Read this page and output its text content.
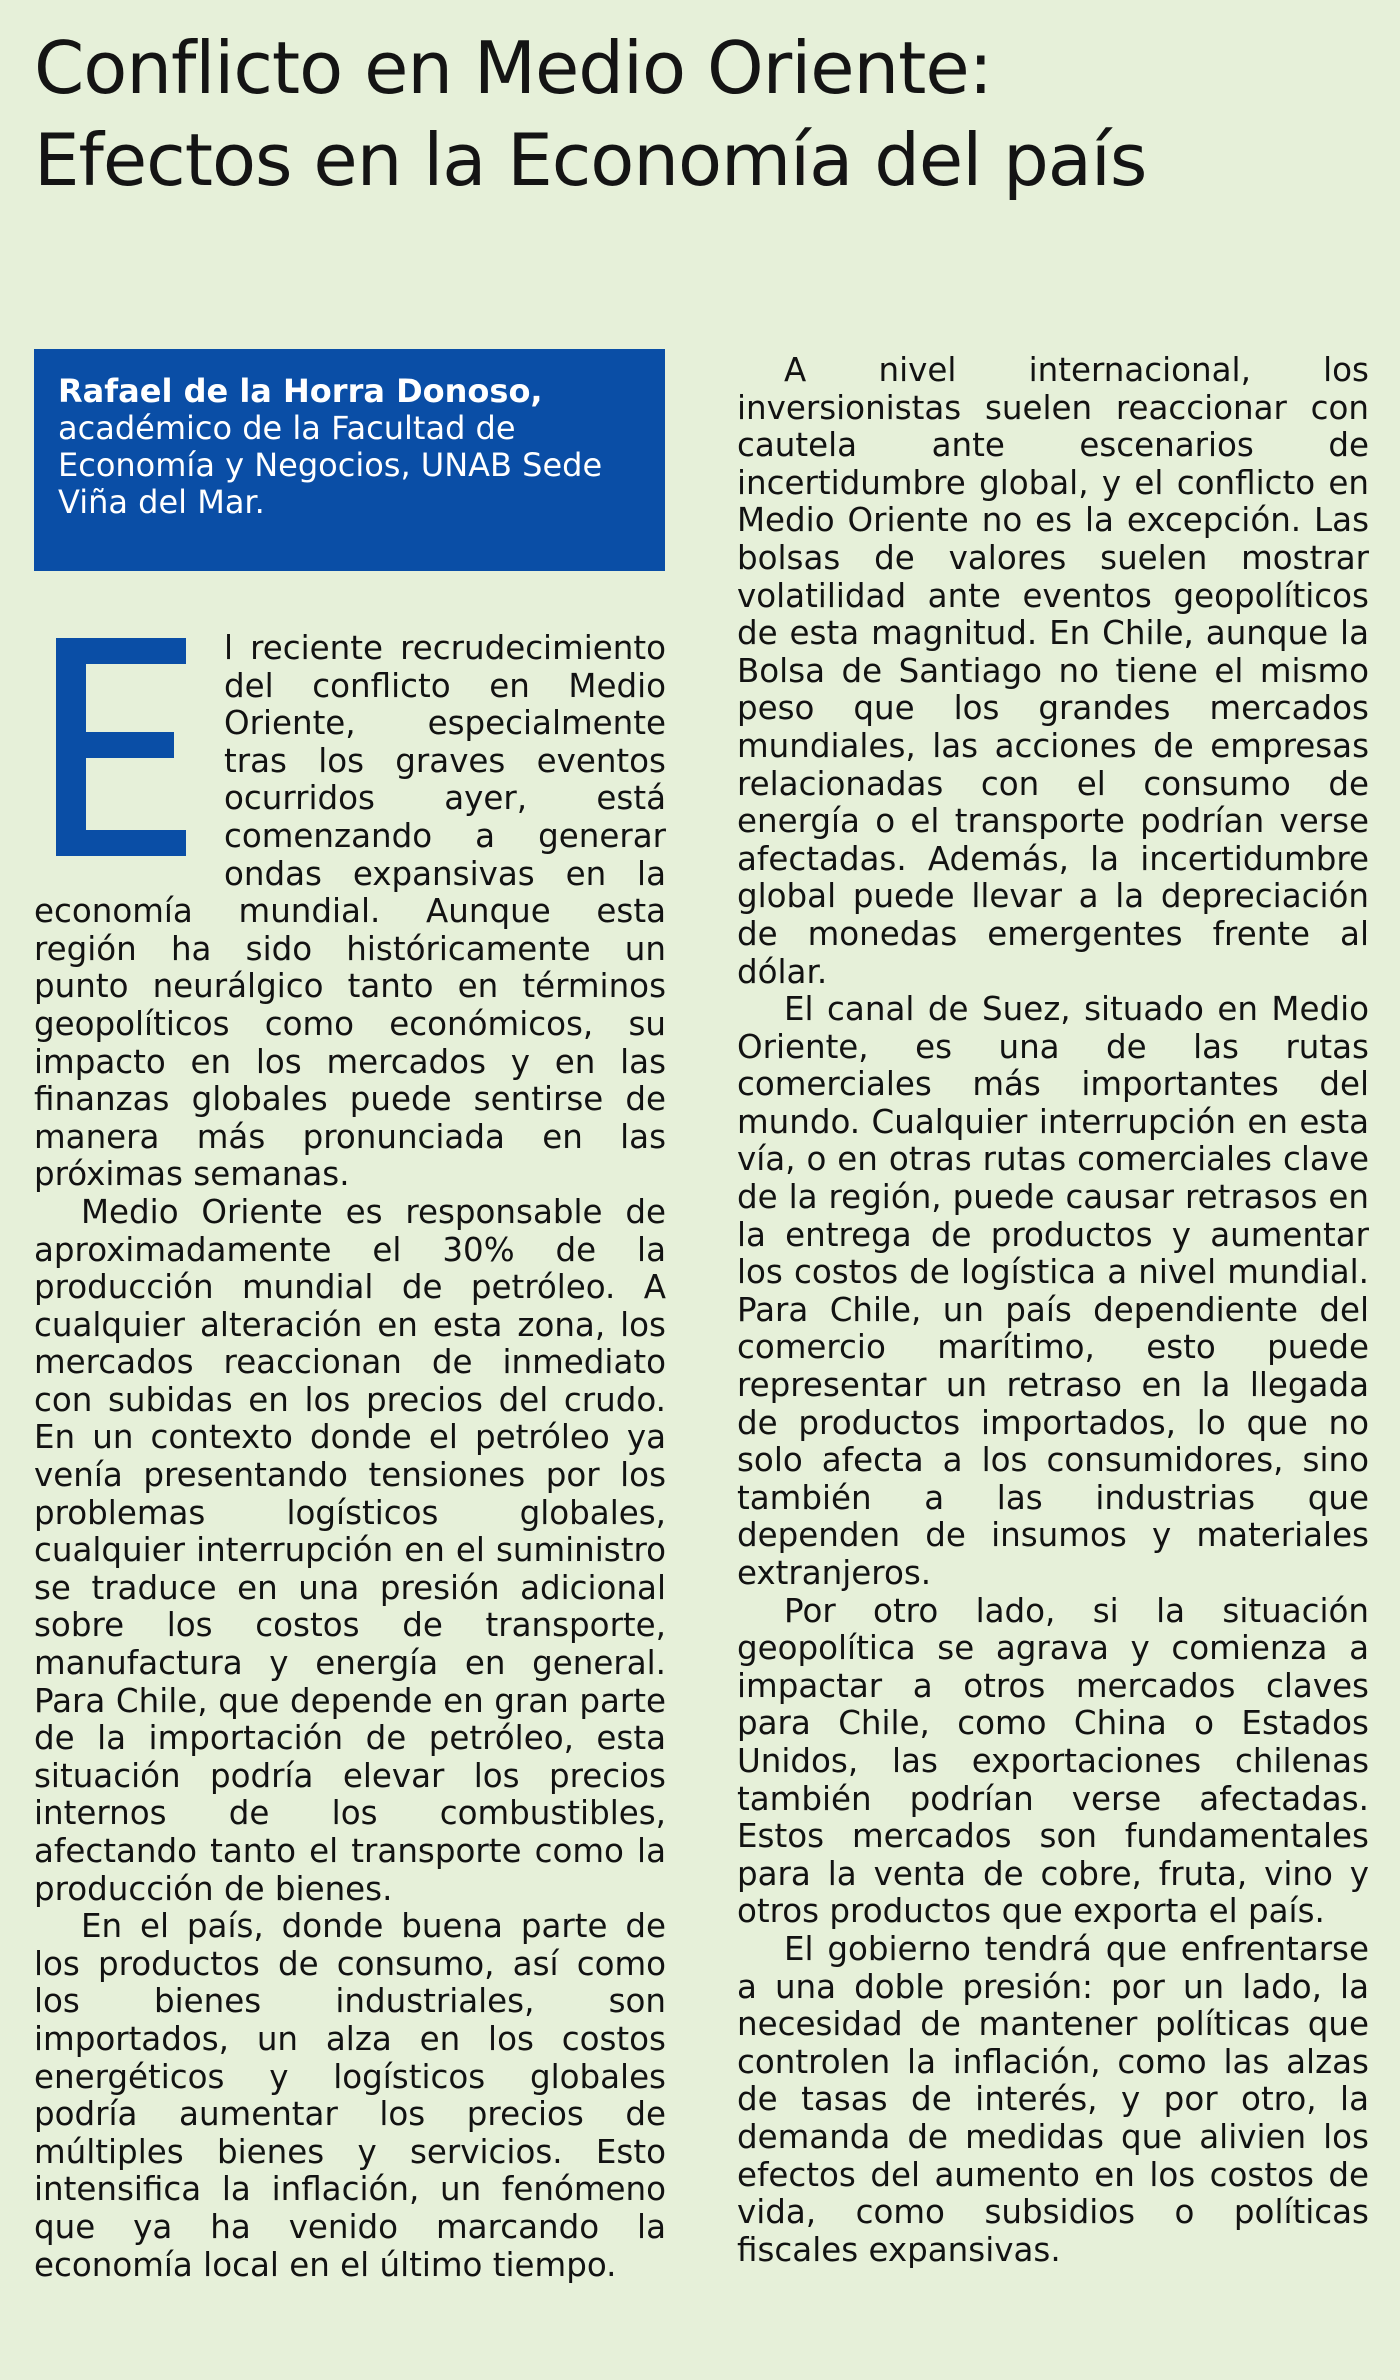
Conflicto en Medio Oriente:
Efectos en la Economía del país
Rafael de la Horra Donoso,
académico de la Facultad de Economía y Negocios, UNAB Sede Viña del Mar.

l reciente recrudecimiento del conflicto en Medio Oriente, especialmente tras los graves eventos ocurridos ayer, está comenzando a generar ondas expansivas en la economía mundial. Aunque esta región ha sido históricamente un punto neurálgico tanto en términos geopolíticos como económicos, su impacto en los mercados y en las finanzas globales puede sentirse de manera más pronunciada en las próximas semanas.

Medio Oriente es responsable de aproximadamente el 30% de la producción mundial de petróleo. A cualquier alteración en esta zona, los mercados reaccionan de inmediato con subidas en los precios del crudo. En un contexto donde el petróleo ya venía presentando tensiones por los problemas logísticos globales, cualquier interrupción en el suministro se traduce en una presión adicional sobre los costos de transporte, manufactura y energía en general. Para Chile, que depende en gran parte de la importación de petróleo, esta situación podría elevar los precios internos de los combustibles, afectando tanto el transporte como la producción de bienes.

En el país, donde buena parte de los productos de consumo, así como los bienes industriales, son importados, un alza en los costos energéticos y logísticos globales podría aumentar los precios de múltiples bienes y servicios. Esto intensifica la inflación, un fenómeno que ya ha venido marcando la economía local en el último tiempo.

A nivel internacional, los inversionistas suelen reaccionar con cautela ante escenarios de incertidumbre global, y el conflicto en Medio Oriente no es la excepción. Las bolsas de valores suelen mostrar volatilidad ante eventos geopolíticos de esta magnitud. En Chile, aunque la Bolsa de Santiago no tiene el mismo peso que los grandes mercados mundiales, las acciones de empresas relacionadas con el consumo de energía o el transporte podrían verse afectadas. Además, la incertidumbre global puede llevar a la depreciación de monedas emergentes frente al dólar.

El canal de Suez, situado en Medio Oriente, es una de las rutas comerciales más importantes del mundo. Cualquier interrupción en esta vía, o en otras rutas comerciales clave de la región, puede causar retrasos en la entrega de productos y aumentar los costos de logística a nivel mundial. Para Chile, un país dependiente del comercio marítimo, esto puede representar un retraso en la llegada de productos importados, lo que no solo afecta a los consumidores, sino también a las industrias que dependen de insumos y materiales extranjeros.

Por otro lado, si la situación geopolítica se agrava y comienza a impactar a otros mercados claves para Chile, como China o Estados Unidos, las exportaciones chilenas también podrían verse afectadas. Estos mercados son fundamentales para la venta de cobre, fruta, vino y otros productos que exporta el país.

El gobierno tendrá que enfrentarse a una doble presión: por un lado, la necesidad de mantener políticas que controlen la inflación, como las alzas de tasas de interés, y por otro, la demanda de medidas que alivien los efectos del aumento en los costos de vida, como subsidios o políticas fiscales expansivas.
